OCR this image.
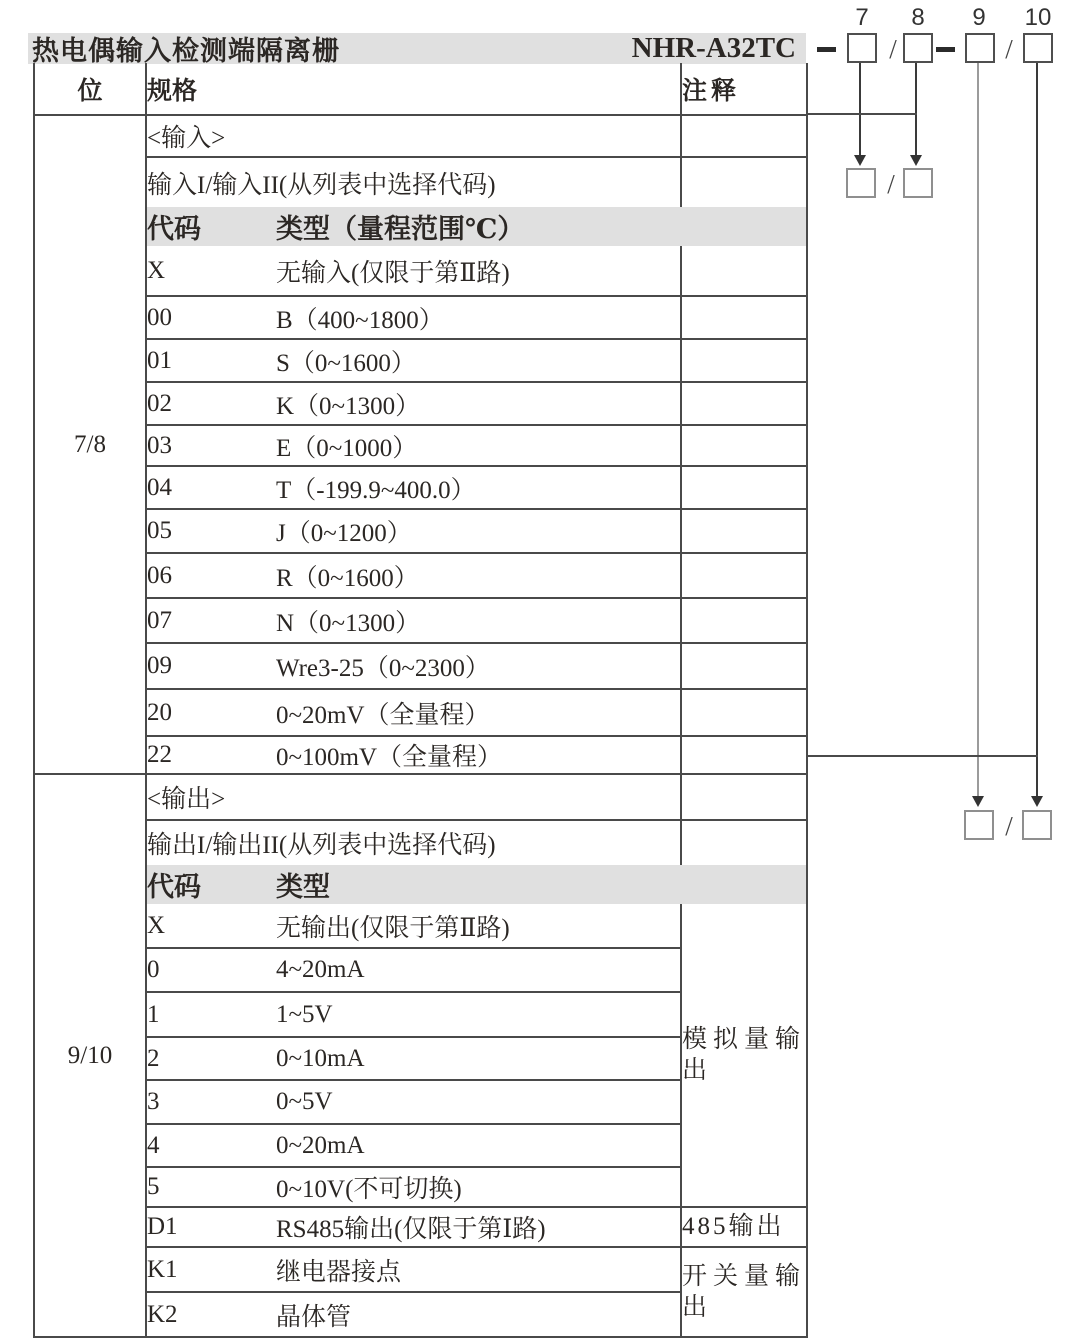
热电偶输入检测端隔离栅	NHR-A32TC
7	8	9	10
/	/
/
/
位	规格		注释
7/8	<输入>		
	输入I/输入II(从列表中选择代码)		
	代码	类型（量程范围℃）	
	X	无输入(仅限于第Ⅱ路)	
	00	B（400~1800）	
	01	S（0~1600）	
	02	K（0~1300）	
	03	E（0~1000）	
	04	T（-199.9~400.0）	
	05	J（0~1200）	
	06	R（0~1600）	
	07	N（0~1300）	
	09	Wre3-25（0~2300）	
	20	0~20mV（全量程）	
	22	0~100mV（全量程）	
9/10	<输出>		
	输出I/输出II(从列表中选择代码)		
	代码	类型	
	X	无输出(仅限于第Ⅱ路)	模拟量输出
	0	4~20mA	
	1	1~5V	
	2	0~10mA	
	3	0~5V	
	4	0~20mA	
	5	0~10V(不可切换)	
	D1	RS485输出(仅限于第Ⅰ路)	485输出
	K1	继电器接点	开关量输出
	K2	晶体管	
